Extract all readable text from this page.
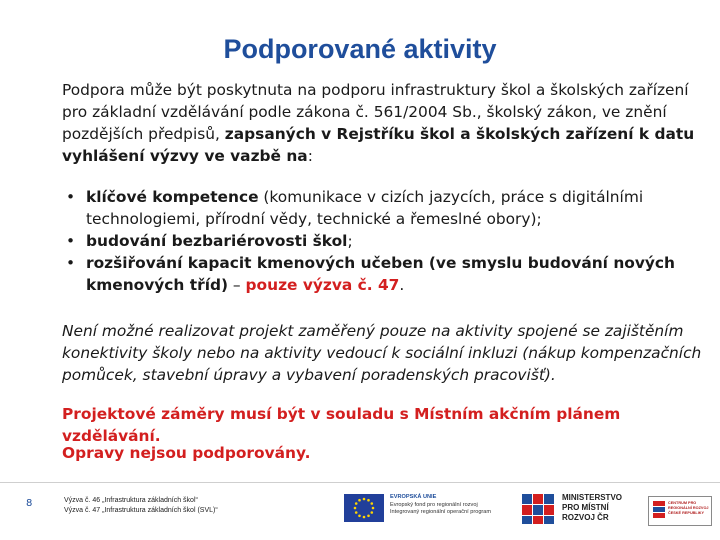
Podporované aktivity
Podpora může být poskytnuta na podporu infrastruktury škol a školských zařízení pro základní vzdělávání podle zákona č. 561/2004 Sb., školský zákon, ve znění pozdějších předpisů, zapsaných v Rejstříku škol a školských zařízení k datu vyhlášení výzvy ve vazbě na:
• klíčové kompetence (komunikace v cizích jazycích, práce s digitálními technologiemi, přírodní vědy, technické a řemeslné obory);
• budování bezbariérovosti škol;
• rozšiřování kapacit kmenových učeben (ve smyslu budování nových kmenových tříd) – pouze výzva č. 47.
Není možné realizovat projekt zaměřený pouze na aktivity spojené se zajištěním konektivity školy nebo na aktivity vedoucí k sociální inkluzi (nákup kompenzačních pomůcek, stavební úpravy a vybavení poradenských pracovišť).
Projektové záměry musí být v souladu s Místním akčním plánem vzdělávání.
Opravy nejsou podporovány.
8	Výzva č. 46 „Infrastruktura základních škol“
Výzva č. 47 „Infrastruktura základních škol (SVL)“
EVROPSKÁ UNIE
Evropský fond pro regionální rozvoj
Integrovaný regionální operační program
MINISTERSTVO
PRO MÍSTNÍ
ROZVOJ ČR
CENTRUM PRO REGIONÁLNÍ ROZVOJ
ČESKÉ REPUBLIKY
